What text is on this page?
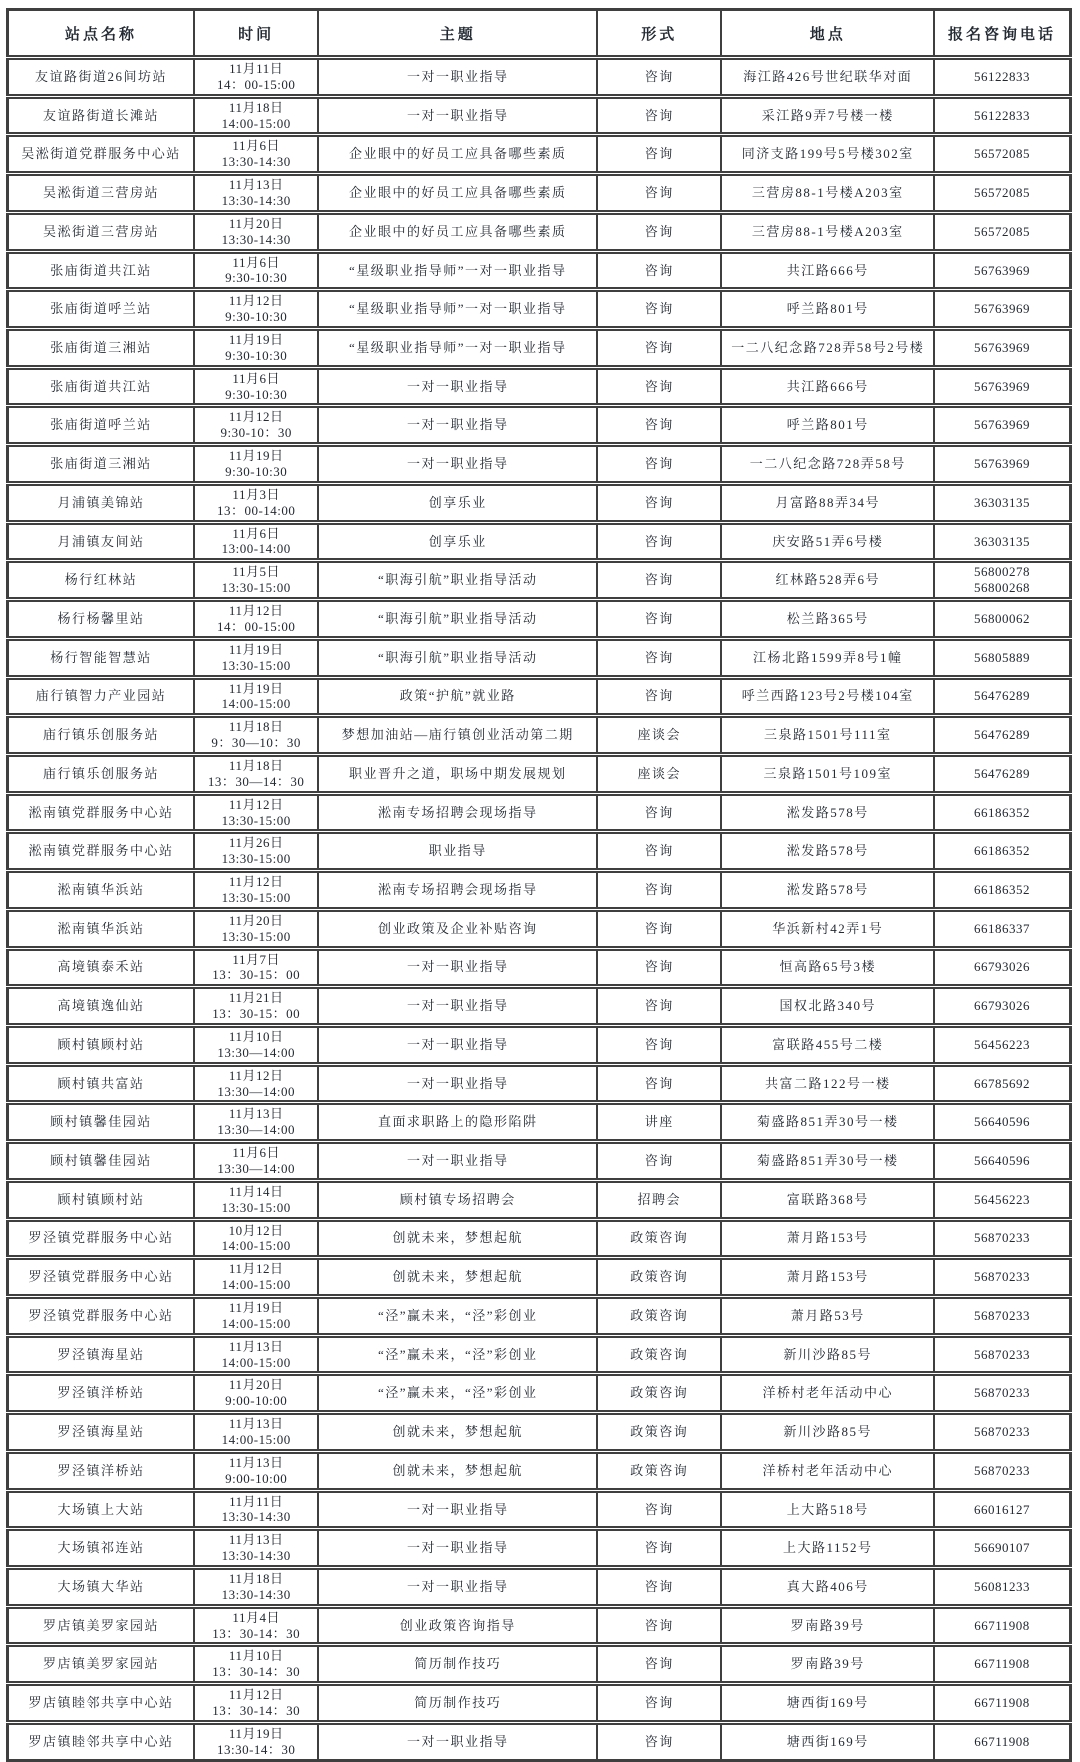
站点名称	时间	主题	形式	地点	报名咨询电话
友谊路街道26间坊站	11月11日
14：00-15:00	一对一职业指导	咨询	海江路426号世纪联华对面	56122833

友谊路街道长滩站	11月18日
14:00-15:00	一对一职业指导	咨询	采江路9弄7号楼一楼	56122833

吴淞街道党群服务中心站	11月6日
13:30-14:30	企业眼中的好员工应具备哪些素质	咨询	同济支路199号5号楼302室	56572085

吴淞街道三营房站	11月13日
13:30-14:30	企业眼中的好员工应具备哪些素质	咨询	三营房88-1号楼A203室	56572085

吴淞街道三营房站	11月20日
13:30-14:30	企业眼中的好员工应具备哪些素质	咨询	三营房88-1号楼A203室	56572085

张庙街道共江站	11月6日
9:30-10:30	“星级职业指导师”一对一职业指导	咨询	共江路666号	56763969

张庙街道呼兰站	11月12日
9:30-10:30	“星级职业指导师”一对一职业指导	咨询	呼兰路801号	56763969

张庙街道三湘站	11月19日
9:30-10:30	“星级职业指导师”一对一职业指导	咨询	一二八纪念路728弄58号2号楼	56763969

张庙街道共江站	11月6日
9:30-10:30	一对一职业指导	咨询	共江路666号	56763969

张庙街道呼兰站	11月12日
9:30-10：30	一对一职业指导	咨询	呼兰路801号	56763969

张庙街道三湘站	11月19日
9:30-10:30	一对一职业指导	咨询	一二八纪念路728弄58号	56763969

月浦镇美锦站	11月3日
13：00-14:00	创享乐业	咨询	月富路88弄34号	36303135

月浦镇友间站	11月6日
13:00-14:00	创享乐业	咨询	庆安路51弄6号楼	36303135

杨行红林站	
11月5日
13:30-15:00
	“职海引航”职业指导活动	咨询	红林路528弄6号	
56800278
56800268

杨行杨馨里站	11月12日
14：00-15:00	“职海引航”职业指导活动	咨询	松兰路365号	56800062

杨行智能智慧站	11月19日
13:30-15:00	“职海引航”职业指导活动	咨询	江杨北路1599弄8号1幢	56805889

庙行镇智力产业园站	11月19日
14:00-15:00	政策“护航”就业路	咨询	呼兰西路123号2号楼104室	56476289

庙行镇乐创服务站	11月18日
9：30—10：30	梦想加油站—庙行镇创业活动第二期	座谈会	三泉路1501号111室	56476289

庙行镇乐创服务站	11月18日
13：30—14：30	职业晋升之道，职场中期发展规划	座谈会	三泉路1501号109室	56476289

淞南镇党群服务中心站	11月12日
13:30-15:00	淞南专场招聘会现场指导	咨询	淞发路578号	66186352

淞南镇党群服务中心站	11月26日
13:30-15:00	职业指导	咨询	淞发路578号	66186352

淞南镇华浜站	11月12日
13:30-15:00	淞南专场招聘会现场指导	咨询	淞发路578号	66186352

淞南镇华浜站	11月20日
13:30-15:00	创业政策及企业补贴咨询	咨询	华浜新村42弄1号	66186337

高境镇泰禾站	11月7日
13：30-15：00	一对一职业指导	咨询	恒高路65号3楼	66793026

高境镇逸仙站	11月21日
13：30-15：00	一对一职业指导	咨询	国权北路340号	66793026

顾村镇顾村站	11月10日
13:30—14:00	一对一职业指导	咨询	富联路455号二楼	56456223

顾村镇共富站	11月12日
13:30—14:00	一对一职业指导	咨询	共富二路122号一楼	66785692

顾村镇馨佳园站	11月13日
13:30—14:00	直面求职路上的隐形陷阱	讲座	菊盛路851弄30号一楼	56640596

顾村镇馨佳园站	11月6日
13:30—14:00	一对一职业指导	咨询	菊盛路851弄30号一楼	56640596

顾村镇顾村站	11月14日
13:30-15:00	顾村镇专场招聘会	招聘会	富联路368号	56456223

罗泾镇党群服务中心站	10月12日
14:00-15:00	创就未来，梦想起航	政策咨询	萧月路153号	56870233

罗泾镇党群服务中心站	11月12日
14:00-15:00	创就未来，梦想起航	政策咨询	萧月路153号	56870233

罗泾镇党群服务中心站	11月19日
14:00-15:00	“泾”赢未来，“泾”彩创业	政策咨询	萧月路53号	56870233

罗泾镇海星站	11月13日
14:00-15:00	“泾”赢未来，“泾”彩创业	政策咨询	新川沙路85号	56870233

罗泾镇洋桥站	11月20日
9:00-10:00	“泾”赢未来，“泾”彩创业	政策咨询	洋桥村老年活动中心	56870233

罗泾镇海星站	11月13日
14:00-15:00	创就未来，梦想起航	政策咨询	新川沙路85号	56870233

罗泾镇洋桥站	11月13日
9:00-10:00	创就未来，梦想起航	政策咨询	洋桥村老年活动中心	56870233

大场镇上大站	11月11日
13:30-14:30	一对一职业指导	咨询	上大路518号	66016127

大场镇祁连站	11月13日
13:30-14:30	一对一职业指导	咨询	上大路1152号	56690107

大场镇大华站	11月18日
13:30-14:30	一对一职业指导	咨询	真大路406号	56081233

罗店镇美罗家园站	11月4日
13：30-14：30	创业政策咨询指导	咨询	罗南路39号	66711908

罗店镇美罗家园站	11月10日
13：30-14：30	简历制作技巧	咨询	罗南路39号	66711908

罗店镇睦邻共享中心站	11月12日
13：30-14：30	简历制作技巧	咨询	塘西街169号	66711908

罗店镇睦邻共享中心站	11月19日
13:30-14：30	一对一职业指导	咨询	塘西街169号	66711908
